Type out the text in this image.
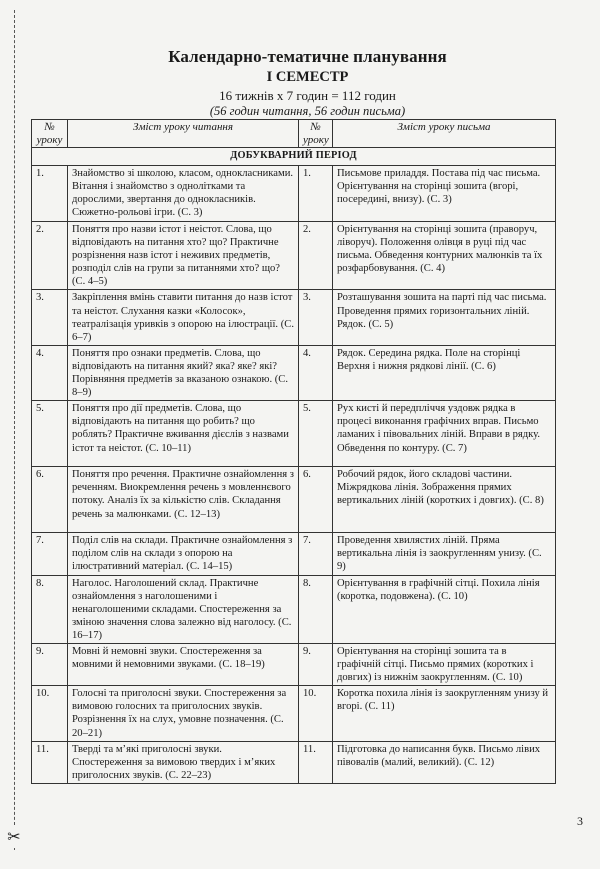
✂
Календарно-тематичне планування
I СЕМЕСТР
16 тижнів х 7 годин = 112 годин
(56 годин читання, 56 годин письма)
№ уроку	Зміст уроку читання	№ уроку	Зміст уроку письма
ДОБУКВАРНИЙ ПЕРІОД			
1.	Знайомство зі школою, класом, однокласниками. Вітання і знайомство з однолітками та дорослими, звертання до однокласників. Сюжетно-рольові ігри. (С. 3)	1.	Письмове приладдя. Постава під час письма. Орієнтування на сторінці зошита (вгорі, посередині, внизу). (С. 3)
2.	Поняття про назви істот і неістот. Слова, що відповідають на питання хто? що? Практичне розрізнення назв істот і неживих предметів, розподіл слів на групи за питаннями хто? що? (С. 4–5)	2.	Орієнтування на сторінці зошита (праворуч, ліворуч). Положення олівця в руці під час письма. Обведення контурних малюнків та їх розфарбовування. (С. 4)
3.	Закріплення вмінь ставити питання до назв істот та неістот. Слухання казки «Колосок», театралізація уривків з опорою на ілюстрації. (С. 6–7)	3.	Розташування зошита на парті під час письма. Проведення прямих горизонтальних ліній. Рядок. (С. 5)
4.	Поняття про ознаки предметів. Слова, що відповідають на питання який? яка? яке? які? Порівняння предметів за вказаною ознакою. (С. 8–9)	4.	Рядок. Середина рядка. Поле на сторінці Верхня і нижня рядкові лінії. (С. 6)
5.	Поняття про дії предметів. Слова, що відповідають на питання що робить? що роблять? Практичне вживання дієслів з назвами істот та неістот. (С. 10–11)	5.	Рух кисті й передпліччя уздовж рядка в процесі виконання графічних вправ. Письмо ламаних і півовальних ліній. Вправи в рядку. Обведення по контуру. (С. 7)
6.	Поняття про речення. Практичне ознайомлення з реченням. Виокремлення речень з мовленнєвого потоку. Аналіз їх за кількістю слів. Складання речень за малюнками. (С. 12–13)	6.	Робочий рядок, його складові частини. Міжрядкова лінія. Зображення прямих вертикальних ліній (коротких і довгих). (С. 8)
7.	Поділ слів на склади. Практичне ознайомлення з поділом слів на склади з опорою на ілюстративний матеріал. (С. 14–15)	7.	Проведення хвилястих ліній. Пряма вертикальна лінія із заокругленням унизу. (С. 9)
8.	Наголос. Наголошений склад. Практичне ознайомлення з наголошеними і ненаголошеними складами. Спостереження за зміною значення слова залежно від наголосу. (С. 16–17)	8.	Орієнтування в графічній сітці. Похила лінія (коротка, подовжена). (С. 10)
9.	Мовні й немовні звуки. Спостереження за мовними й немовними звуками. (С. 18–19)	9.	Орієнтування на сторінці зошита та в графічній сітці. Письмо прямих (коротких і довгих) із нижнім заокругленням. (С. 10)
10.	Голосні та приголосні звуки. Спостереження за вимовою голосних та приголосних звуків. Розрізнення їх на слух, умовне позначення. (С. 20–21)	10.	Коротка похила лінія із заокругленням унизу й вгорі. (С. 11)
11.	Тверді та м’які приголосні звуки. Спостереження за вимовою твердих і м’яких приголосних звуків. (С. 22–23)	11.	Підготовка до написання букв. Письмо лівих півовалів (малий, великий). (С. 12)
3
